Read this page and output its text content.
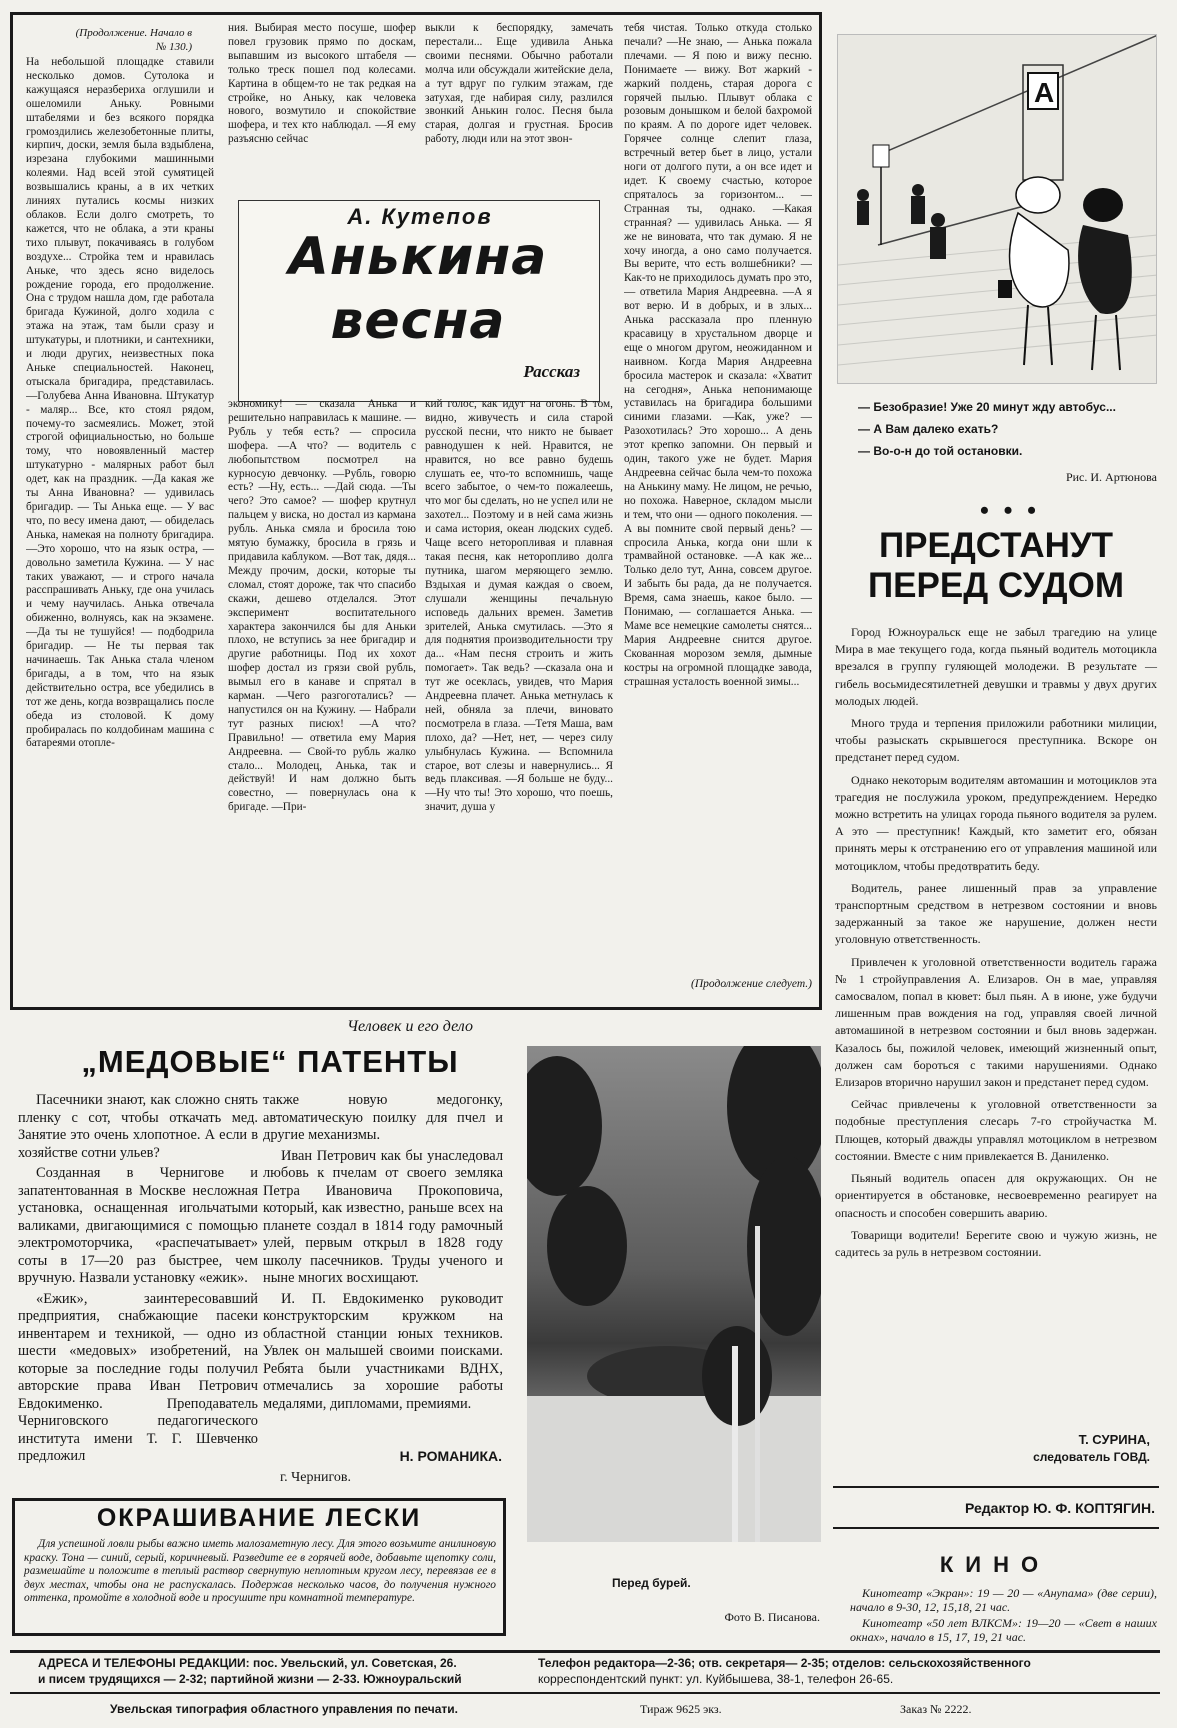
(Продолжение. Начало в № 130.)

На небольшой площадке ставили несколько домов. Сутолока и кажущаяся неразбериха оглушили и ошеломили Аньку. Ровными штабелями и без всякого порядка громоздились железобетонные плиты, кирпич, доски, земля была вздыблена, изрезана глубокими машинными колеями. Над всей этой сумятицей возвышались краны, а в их четких линиях путались космы низких облаков. Если долго смотреть, то кажется, что не облака, а эти краны тихо плывут, покачиваясь в голубом воздухе... Стройка тем и нравилась Аньке, что здесь ясно виделось рождение города, его продолжение. Она с трудом нашла дом, где работала бригада Кужиной, долго ходила с этажа на этаж, там были сразу и штукатуры, и плотники, и сантехники, и люди других, неизвестных пока Аньке специальностей. Наконец, отыскала бригадира, представилась. —Голубева Анна Ивановна. Штукатур - маляр... Все, кто стоял рядом, почему-то засмеялись. Может, этой строгой официальностью, но больше тому, что новоявленный мастер штукатурно - малярных работ был одет, как на праздник. —Да какая же ты Анна Ивановна? — удивилась бригадир. — Ты Анька еще. — У вас что, по весу имена дают, — обиделась Анька, намекая на полноту бригадира. —Это хорошо, что на язык остра, — довольно заметила Кужина. — У нас таких уважают, — и строго начала расспрашивать Аньку, где она училась и чему научилась. Анька отвечала обиженно, волнуясь, как на экзамене. —Да ты не тушуйся! — подбодрила бригадир. — Не ты первая так начинаешь. Так Анька стала членом бригады, а в том, что на язык действительно остра, все убедились в тот же день, когда возвращались после обеда из столовой. К дому пробиралась по колдобинам машина с батареями отопле-

ния. Выбирая место посуше, шофер повел грузовик прямо по доскам, выпавшим из высокого штабеля — только треск пошел под колесами. Картина в общем-то не так редкая на стройке, но Аньку, как человека нового, возмутило и спокойствие шофера, и тех кто наблюдал. —Я ему разъясню сейчас

выкли к беспорядку, замечать перестали... Еще удивила Анька своими песнями. Обычно работали молча или обсуждали житейские дела, а тут вдруг по гулким этажам, где затухая, где набирая силу, разлился звонкий Анькин голос. Песня была старая, долгая и грустная. Бросив работу, люди или на этот звон-

А. Кутепов
Анькина
весна
Рассказ

экономику! — сказала Анька и решительно направилась к машине. —Рубль у тебя есть? — спросила шофера. —А что? — водитель с любопытством посмотрел на курносую девчонку. —Рубль, говорю есть? —Ну, есть... —Дай сюда. —Ты чего? Это самое? — шофер крутнул пальцем у виска, но достал из кармана рубль. Анька смяла и бросила тою мятую бумажку, бросила в грязь и придавила каблуком. —Вот так, дядя... Между прочим, доски, которые ты сломал, стоят дороже, так что спасибо скажи, дешево отделался. Этот эксперимент воспитательного характера закончился бы для Аньки плохо, не вступись за нее бригадир и другие работницы. Под их хохот шофер достал из грязи свой рубль, вымыл его в канаве и спрятал в карман. —Чего разгоготались? — напустился он на Кужину. — Набрали тут разных писюх! —А что? Правильно! — ответила ему Мария Андреевна. — Свой-то рубль жалко стало... Молодец, Анька, так и действуй! И нам должно быть совестно, — повернулась она к бригаде. —При-

кий голос, как идут на огонь. В том, видно, живучесть и сила старой русской песни, что никто не бывает равнодушен к ней. Нравится, не нравится, но все равно будешь слушать ее, что-то вспомнишь, чаще всего забытое, о чем-то пожалеешь, что мог бы сделать, но не успел или не захотел... Поэтому и в ней сама жизнь и сама история, океан людских судеб. Чаще всего неторопливая и плавная такая песня, как неторопливо долга путника, шагом меряющего землю. Вздыхая и думая каждая о своем, слушали женщины печальную исповедь дальних времен. Заметив зрителей, Анька смутилась. —Это я для поднятия производительности тру да... «Нам песня строить и жить помогает». Так ведь? —сказала она и тут же осеклась, увидев, что Мария Андреевна плачет. Анька метнулась к ней, обняла за плечи, виновато посмотрела в глаза. —Тетя Маша, вам плохо, да? —Нет, нет, — через силу улыбнулась Кужина. — Вспомнила старое, вот слезы и навернулись... Я ведь плаксивая. —Я больше не буду... —Ну что ты! Это хорошо, что поешь, значит, душа у

тебя чистая. Только откуда столько печали? —Не знаю, — Анька пожала плечами. — Я пою и вижу песню. Понимаете — вижу. Вот жаркий - жаркий полдень, старая дорога с горячей пылью. Плывут облака с розовым донышком и белой бахромой по краям. А по дороге идет человек. Горячее солнце слепит глаза, встречный ветер бьет в лицо, устали ноги от долгого пути, а он все идет и идет. К своему счастью, которое спряталось за горизонтом... —Странная ты, однако. —Какая странная? — удивилась Анька. — Я же не виновата, что так думаю. Я не хочу иногда, а оно само получается. Вы верите, что есть волшебники? — Как-то не приходилось думать про это, — ответила Мария Андреевна. —А я вот верю. И в добрых, и в злых... Анька рассказала про пленную красавицу в хрустальном дворце и еще о многом другом, неожиданном и наивном. Когда Мария Андреевна бросила мастерок и сказала: «Хватит на сегодня», Анька непонимающе уставилась на бригадира большими синими глазами. —Как, уже? —Разохотилась? Это хорошо... А день этот крепко запомни. Он первый и один, такого уже не будет. Мария Андреевна сейчас была чем-то похожа на Анькину маму. Не лицом, не речью, но похожа. Наверное, складом мысли и тем, что они — одного поколения. —А вы помните свой первый день? — спросила Анька, когда они шли к трамвайной остановке. —А как же... Только дело тут, Анна, совсем другое. И забыть бы рада, да не получается. Время, сама знаешь, какое было. — Понимаю, — соглашается Анька. — Маме все немецкие самолеты снятся... Мария Андреевне снится другое. Скованная морозом земля, дымные костры на огромной площадке завода, страшная усталость военной зимы...

(Продолжение следует.)
А
— Безобразие! Уже 20 минут жду автобус...
— А Вам далеко ехать?
— Во-о-н до той остановки.
Рис. И. Артюнова
• • •
ПРЕДСТАНУТ
ПЕРЕД СУДОМ

Город Южноуральск еще не забыл трагедию на улице Мира в мае текущего года, когда пьяный водитель мотоцикла врезался в группу гуляющей молодежи. В результате — гибель восьмидесятилетней девушки и травмы у двух других молодых людей.

Много труда и терпения приложили работники милиции, чтобы разыскать скрывшегося преступника. Вскоре он предстанет перед судом.

Однако некоторым водителям автомашин и мотоциклов эта трагедия не послужила уроком, предупреждением. Нередко можно встретить на улицах города пьяного водителя за рулем. А это — преступник! Каждый, кто заметит его, обязан принять меры к отстранению его от управления машиной или мотоциклом, чтобы предотвратить беду.

Водитель, ранее лишенный прав за управление транспортным средством в нетрезвом состоянии и вновь задержанный за такое же нарушение, должен нести уголовную ответственность.

Привлечен к уголовной ответственности водитель гаража № 1 стройуправления А. Елизаров. Он в мае, управляя самосвалом, попал в кювет: был пьян. А в июне, уже будучи лишенным прав вождения на год, управляя своей личной автомашиной в нетрезвом состоянии и был вновь задержан. Казалось бы, пожилой человек, имеющий жизненный опыт, должен сам бороться с такими нарушениями. Однако Елизаров вторично нарушил закон и предстанет перед судом.

Сейчас привлечены к уголовной ответственности за подобные преступления слесарь 7-го стройучастка М. Плющев, который дважды управлял мотоциклом в нетрезвом состоянии. Вместе с ним привлекается В. Даниленко.

Пьяный водитель опасен для окружающих. Он не ориентируется в обстановке, несвоевременно реагирует на опасность и способен совершить аварию.

Товарищи водители! Берегите свою и чужую жизнь, не садитесь за руль в нетрезвом состоянии.

Т. СУРИНА,
следователь ГОВД.
Редактор Ю. Ф. КОПТЯГИН.
КИНО
Кинотеатр «Экран»: 19 — 20 — «Анупама» (две серии), начало в 9-30, 12, 15,18, 21 час.
Кинотеатр «50 лет ВЛКСМ»: 19—20 — «Свет в наших окнах», начало в 15, 17, 19, 21 час.
Человек и его дело
„МЕДОВЫЕ“ ПАТЕНТЫ

Пасечники знают, как сложно снять пленку с сот, чтобы откачать мед. Занятие это очень хлопотное. А если в хозяйстве сотни ульев?

Созданная в Чернигове и запатентованная в Москве несложная установка, оснащенная игольчатыми валиками, двигающимися с помощью электромоторчика, «распечатывает» соты в 17—20 раз быстрее, чем вручную. Назвали установку «ежик».

«Ежик», заинтересовавший предприятия, снабжающие пасеки инвентарем и техникой, — одно из шести «медовых» изобретений, на которые за последние годы получил авторские права Иван Петрович Евдокименко. Преподаватель Черниговского педагогического института имени Т. Г. Шевченко предложил

также новую медогонку, автоматическую поилку для пчел и другие механизмы.

Иван Петрович как бы унаследовал любовь к пчелам от своего земляка Петра Ивановича Прокоповича, который, как известно, раньше всех на планете создал в 1814 году рамочный улей, первым открыл в 1828 году школу пасечников. Труды ученого и ныне многих восхищают.

И. П. Евдокименко руководит конструкторским кружком на областной станции юных техников. Увлек он малышей своими поисками. Ребята были участниками ВДНХ, отмечались за хорошие работы медалями, дипломами, премиями.

Н. РОМАНИКА.
г. Чернигов.
ОКРАШИВАНИЕ ЛЕСКИ
Для успешной ловли рыбы важно иметь малозаметную лесу. Для этого возьмите анилиновую краску. Тона — синий, серый, коричневый. Разведите ее в горячей воде, добавьте щепотку соли, размешайте и положите в теплый раствор свернутую неплотным кругом лесу, перевязав ее в двух местах, чтобы она не распускалась. Подержав несколько часов, до получения нужного оттенка, промойте в холодной воде и просушите при комнатной температуре.
Перед бурей.
Фото В. Писанова.
АДРЕСА И ТЕЛЕФОНЫ РЕДАКЦИИ: пос. Увельский, ул. Советская, 26.
и писем трудящихся — 2-32; партийной жизни — 2-33. Южноуральский
Телефон редактора—2-36; отв. секретаря— 2-35; отделов: сельскохозяйственного
корреспондентский пункт: ул. Куйбышева, 38-1, телефон 26-65.
Увельская типография областного управления по печати.	Тираж 9625 экз.	Заказ № 2222.
